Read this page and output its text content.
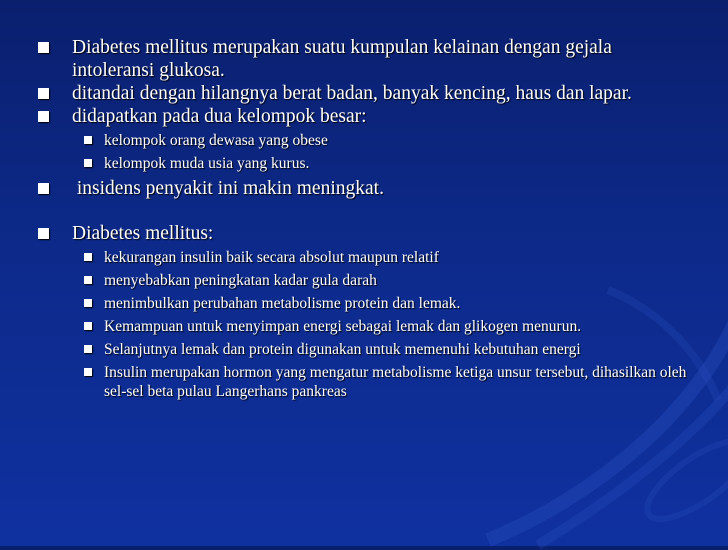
Diabetes mellitus merupakan suatu kumpulan kelainan dengan gejala intoleransi glukosa.
ditandai dengan hilangnya berat badan, banyak kencing, haus dan lapar.
didapatkan pada dua kelompok besar:
kelompok orang dewasa yang obese
kelompok muda usia yang kurus.
insidens penyakit ini makin meningkat.
Diabetes mellitus:
kekurangan insulin baik secara absolut maupun relatif
menyebabkan peningkatan kadar gula darah
menimbulkan perubahan metabolisme protein dan lemak.
Kemampuan untuk menyimpan energi sebagai lemak dan glikogen menurun.
Selanjutnya lemak dan protein digunakan untuk memenuhi kebutuhan energi
Insulin merupakan hormon yang mengatur metabolisme ketiga unsur tersebut, dihasilkan oleh sel-sel beta pulau Langerhans pankreas
